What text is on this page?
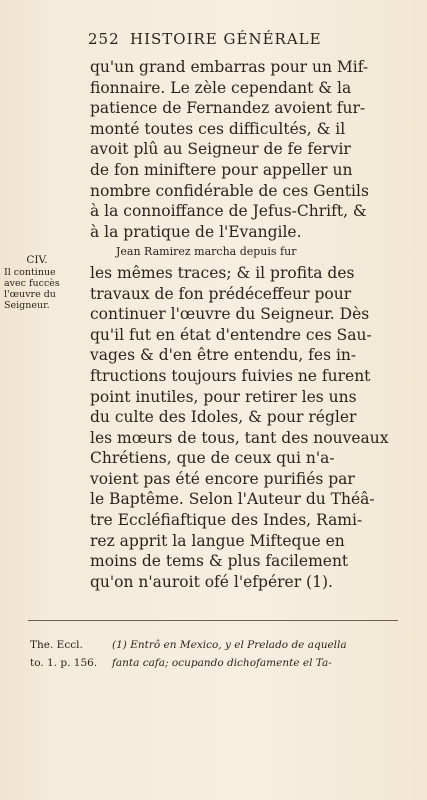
252 HISTOIRE GÉNÉRALE
CIV.
Il continue
avec fuccès
l'œuvre du
Seigneur.
qu'un grand embarras pour un Mif-
fionnaire. Le zèle cependant & la
patience de Fernandez avoient fur-
monté toutes ces difficultés, & il
avoit plû au Seigneur de fe fervir
de fon miniftere pour appeller un
nombre confidérable de ces Gentils
à la connoiffance de Jefus-Chrift, &
à la pratique de l'Evangile.
Jean Ramirez marcha depuis fur
les mêmes traces; & il profita des
travaux de fon prédéceffeur pour
continuer l'œuvre du Seigneur. Dès
qu'il fut en état d'entendre ces Sau-
vages & d'en être entendu, fes in-
ftructions toujours fuivies ne furent
point inutiles, pour retirer les uns
du culte des Idoles, & pour régler
les mœurs de tous, tant des nouveaux
Chrétiens, que de ceux qui n'a-
voient pas été encore purifiés par
le Baptême. Selon l'Auteur du Théâ-
tre Eccléfiaftique des Indes, Rami-
rez apprit la langue Mifteque en
moins de tems & plus facilement
qu'on n'auroit ofé l'efpérer (1).
The. Eccl.	(1) Entrô en Mexico, y el Prelado de aquella
to. 1. p. 156.	fanta cafa; ocupando dichofamente el Ta-
